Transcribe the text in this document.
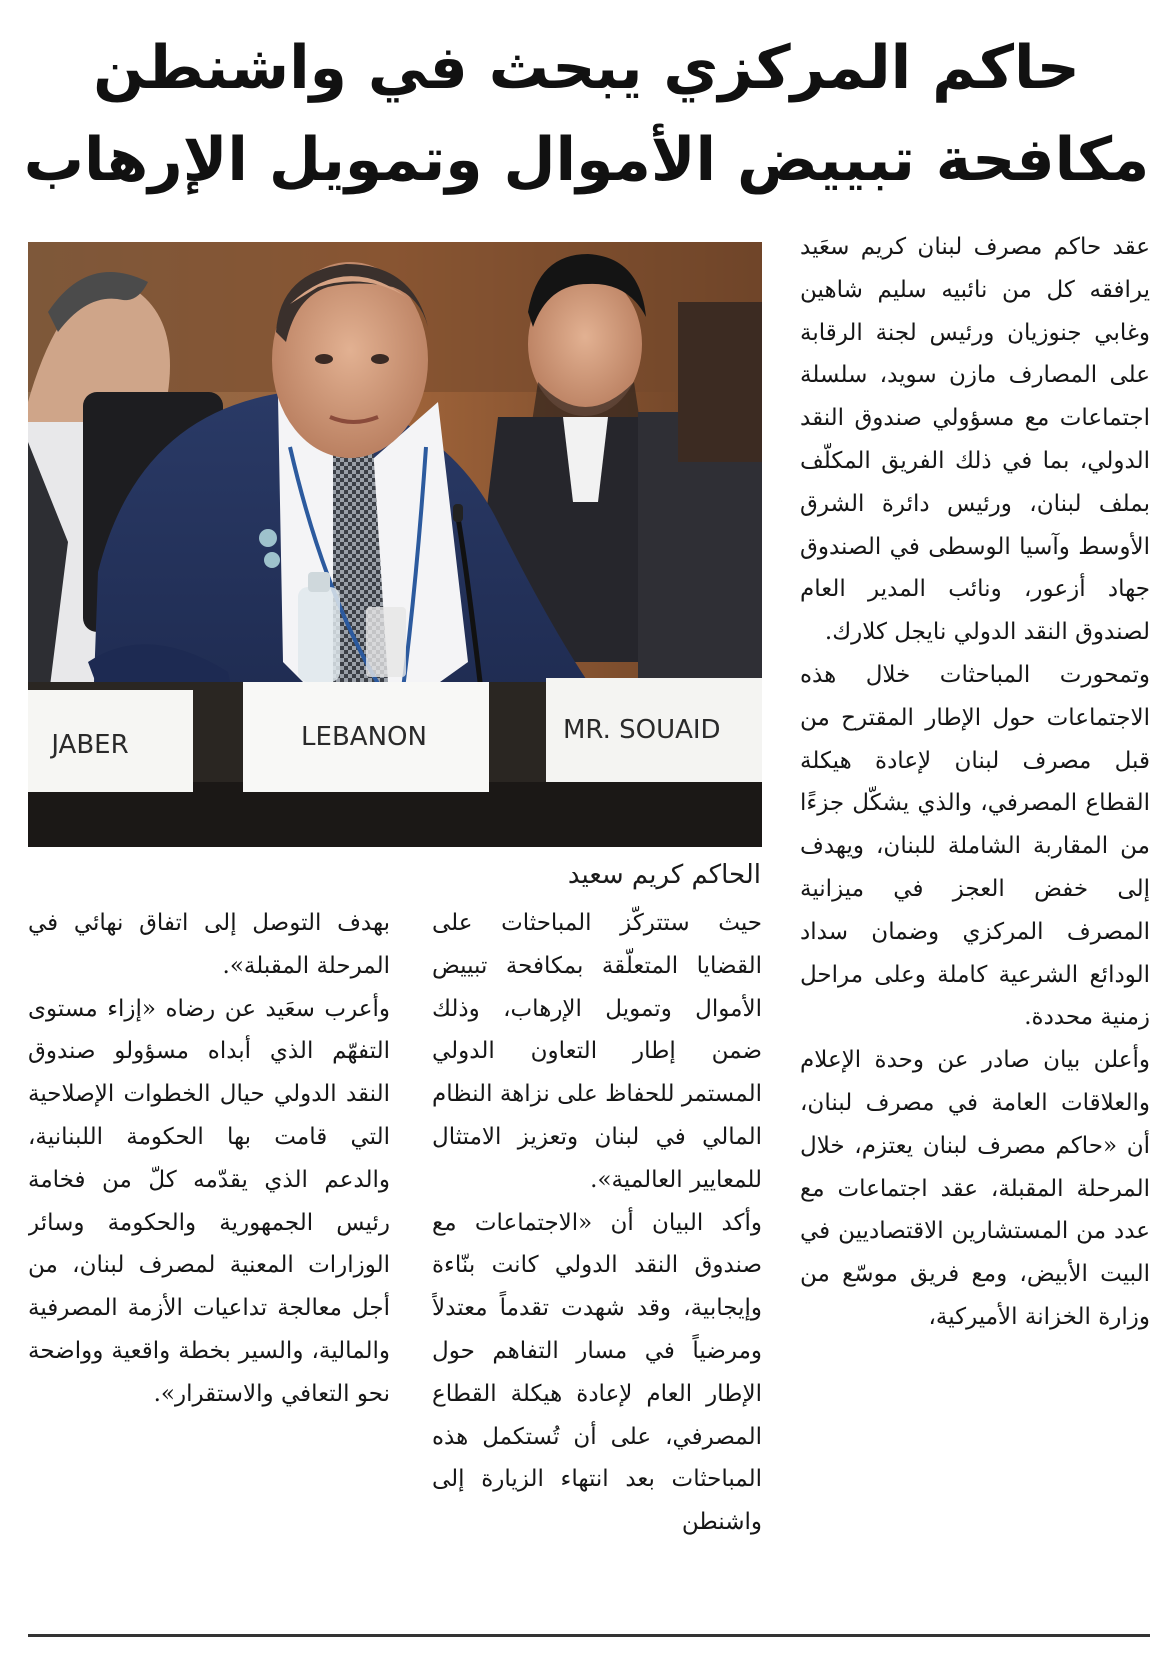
حاكم المركزي يبحث في واشنطن
مكافحة تبييض الأموال وتمويل الإرهاب
JABER	LEBANON	MR. SOUAID
الحاكم كريم سعيد

عقد حاكم مصرف لبنان كريم سعَيد يرافقه كل من نائبيه سليم شاهين وغابي جنوزيان ورئيس لجنة الرقابة على المصارف مازن سويد، سلسلة اجتماعات مع مسؤولي صندوق النقد الدولي، بما في ذلك الفريق المكلّف بملف لبنان، ورئيس دائرة الشرق الأوسط وآسيا الوسطى في الصندوق جهاد أزعور، ونائب المدير العام لصندوق النقد الدولي نايجل كلارك.

وتمحورت المباحثات خلال هذه الاجتماعات حول الإطار المقترح من قبل مصرف لبنان لإعادة هيكلة القطاع المصرفي، والذي يشكّل جزءًا من المقاربة الشاملة للبنان، ويهدف إلى خفض العجز في ميزانية المصرف المركزي وضمان سداد الودائع الشرعية كاملة وعلى مراحل زمنية محددة.

وأعلن بيان صادر عن وحدة الإعلام والعلاقات العامة في مصرف لبنان، أن «حاكم مصرف لبنان يعتزم، خلال المرحلة المقبلة، عقد اجتماعات مع عدد من المستشارين الاقتصاديين في البيت الأبيض، ومع فريق موسّع من وزارة الخزانة الأميركية،

حيث ستتركّز المباحثات على القضايا المتعلّقة بمكافحة تبييض الأموال وتمويل الإرهاب، وذلك ضمن إطار التعاون الدولي المستمر للحفاظ على نزاهة النظام المالي في لبنان وتعزيز الامتثال للمعايير العالمية».

وأكد البيان أن «الاجتماعات مع صندوق النقد الدولي كانت بنّاءة وإيجابية، وقد شهدت تقدماً معتدلاً ومرضياً في مسار التفاهم حول الإطار العام لإعادة هيكلة القطاع المصرفي، على أن تُستكمل هذه المباحثات بعد انتهاء الزيارة إلى واشنطن

بهدف التوصل إلى اتفاق نهائي في المرحلة المقبلة».

وأعرب سعَيد عن رضاه «إزاء مستوى التفهّم الذي أبداه مسؤولو صندوق النقد الدولي حيال الخطوات الإصلاحية التي قامت بها الحكومة اللبنانية، والدعم الذي يقدّمه كلّ من فخامة رئيس الجمهورية والحكومة وسائر الوزارات المعنية لمصرف لبنان، من أجل معالجة تداعيات الأزمة المصرفية والمالية، والسير بخطة واقعية وواضحة نحو التعافي والاستقرار».
